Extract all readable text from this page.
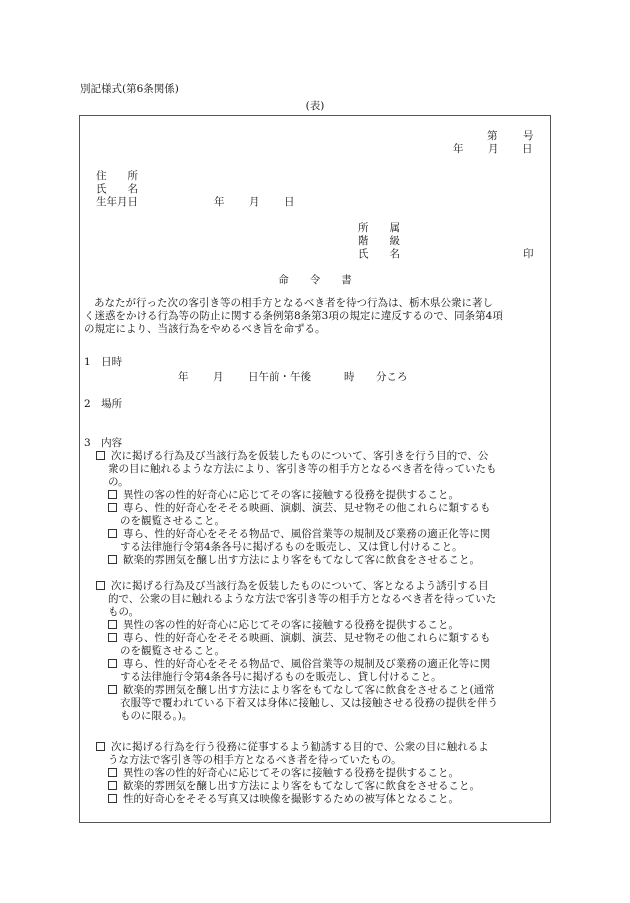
別記様式(第6条関係)
(表)
第 号
年 月 日
住　　所
氏　　名
生年月日	年 月 日
所　　属
階　　級
氏　　名	印
命　　令　　書
あなたが行った次の客引き等の相手方となるべき者を待つ行為は、栃木県公衆に著し
く迷惑をかける行為等の防止に関する条例第8条第3項の規定に違反するので、同条第4項
の規定により、当該行為をやめるべき旨を命ずる。
1　日時
年 月 日午前・午後	時 分ころ
2　場所
3　内容
次に掲げる行為及び当該行為を仮装したものについて、客引きを行う目的で、公
衆の目に触れるような方法により、客引き等の相手方となるべき者を待っていたも
の。
異性の客の性的好奇心に応じてその客に接触する役務を提供すること。
専ら、性的好奇心をそそる映画、演劇、演芸、見せ物その他これらに類するも
のを観覧させること。
専ら、性的好奇心をそそる物品で、風俗営業等の規制及び業務の適正化等に関
する法律施行令第4条各号に掲げるものを販売し、又は貸し付けること。
歓楽的雰囲気を醸し出す方法により客をもてなして客に飲食をさせること。
次に掲げる行為及び当該行為を仮装したものについて、客となるよう誘引する目
的で、公衆の目に触れるような方法で客引き等の相手方となるべき者を待っていた
もの。
異性の客の性的好奇心に応じてその客に接触する役務を提供すること。
専ら、性的好奇心をそそる映画、演劇、演芸、見せ物その他これらに類するも
のを観覧させること。
専ら、性的好奇心をそそる物品で、風俗営業等の規制及び業務の適正化等に関
する法律施行令第4条各号に掲げるものを販売し、貸し付けること。
歓楽的雰囲気を醸し出す方法により客をもてなして客に飲食をさせること(通常
衣服等で覆われている下着又は身体に接触し、又は接触させる役務の提供を伴う
ものに限る。)。
次に掲げる行為を行う役務に従事するよう勧誘する目的で、公衆の目に触れるよ
うな方法で客引き等の相手方となるべき者を待っていたもの。
異性の客の性的好奇心に応じてその客に接触する役務を提供すること。
歓楽的雰囲気を醸し出す方法により客をもてなして客に飲食をさせること。
性的好奇心をそそる写真又は映像を撮影するための被写体となること。
